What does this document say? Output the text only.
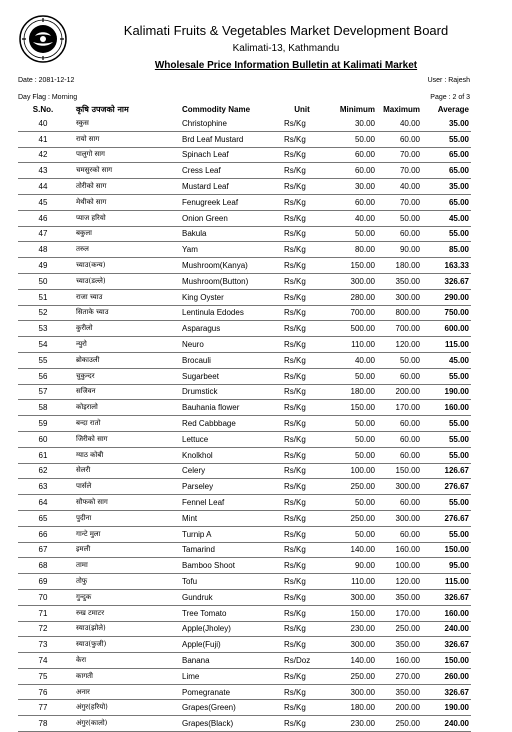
Kalimati Fruits & Vegetables Market Development Board
Kalimati-13, Kathmandu
Wholesale Price Information Bulletin at Kalimati Market
Date : 2081-12-12	User : Rajesh
Day Flag : Morning	Page : 2 of 3
S.No.	कृषि उपजको नाम	Commodity Name	Unit	Minimum	Maximum	Average
40	स्कुस	Christophine	Rs/Kg	30.00	40.00	35.00
41	रायो साग	Brd Leaf Mustard	Rs/Kg	50.00	60.00	55.00
42	पालुगो साग	Spinach Leaf	Rs/Kg	60.00	70.00	65.00
43	चमसुरको साग	Cress Leaf	Rs/Kg	60.00	70.00	65.00
44	तोरीको साग	Mustard Leaf	Rs/Kg	30.00	40.00	35.00
45	मेथीको साग	Fenugreek Leaf	Rs/Kg	60.00	70.00	65.00
46	प्याज हरियो	Onion Green	Rs/Kg	40.00	50.00	45.00
47	बकुला	Bakula	Rs/Kg	50.00	60.00	55.00
48	तरुल	Yam	Rs/Kg	80.00	90.00	85.00
49	च्याउ(कन्य)	Mushroom(Kanya)	Rs/Kg	150.00	180.00	163.33
50	च्याउ(डल्ले)	Mushroom(Button)	Rs/Kg	300.00	350.00	326.67
51	राजा च्याउ	King Oyster	Rs/Kg	280.00	300.00	290.00
52	सिताके च्याउ	Lentinula Edodes	Rs/Kg	700.00	800.00	750.00
53	कुरीलो	Asparagus	Rs/Kg	500.00	700.00	600.00
54	न्युरो	Neuro	Rs/Kg	110.00	120.00	115.00
55	ब्रोकाउली	Brocauli	Rs/Kg	40.00	50.00	45.00
56	चुकुन्दर	Sugarbeet	Rs/Kg	50.00	60.00	55.00
57	सजिवन	Drumstick	Rs/Kg	180.00	200.00	190.00
58	कोइरालो	Bauhania flower	Rs/Kg	150.00	170.00	160.00
59	बन्दा रातो	Red Cabbbage	Rs/Kg	50.00	60.00	55.00
60	जिरीको साग	Lettuce	Rs/Kg	50.00	60.00	55.00
61	ग्याठ कोबी	Knolkhol	Rs/Kg	50.00	60.00	55.00
62	सेलरी	Celery	Rs/Kg	100.00	150.00	126.67
63	पार्सले	Parseley	Rs/Kg	250.00	300.00	276.67
64	सौफको साग	Fennel Leaf	Rs/Kg	50.00	60.00	55.00
65	पुदीना	Mint	Rs/Kg	250.00	300.00	276.67
66	गान्टे मुला	Turnip A	Rs/Kg	50.00	60.00	55.00
67	इमली	Tamarind	Rs/Kg	140.00	160.00	150.00
68	तामा	Bamboo Shoot	Rs/Kg	90.00	100.00	95.00
69	तोफु	Tofu	Rs/Kg	110.00	120.00	115.00
70	गुन्दुक	Gundruk	Rs/Kg	300.00	350.00	326.67
71	रुख टमाटर	Tree Tomato	Rs/Kg	150.00	170.00	160.00
72	स्याउ(झोले)	Apple(Jholey)	Rs/Kg	230.00	250.00	240.00
73	स्याउ(फुजी)	Apple(Fuji)	Rs/Kg	300.00	350.00	326.67
74	केरा	Banana	Rs/Doz	140.00	160.00	150.00
75	कागती	Lime	Rs/Kg	250.00	270.00	260.00
76	अनार	Pomegranate	Rs/Kg	300.00	350.00	326.67
77	अंगुर(हरियो)	Grapes(Green)	Rs/Kg	180.00	200.00	190.00
78	अंगुर(कालो)	Grapes(Black)	Rs/Kg	230.00	250.00	240.00
